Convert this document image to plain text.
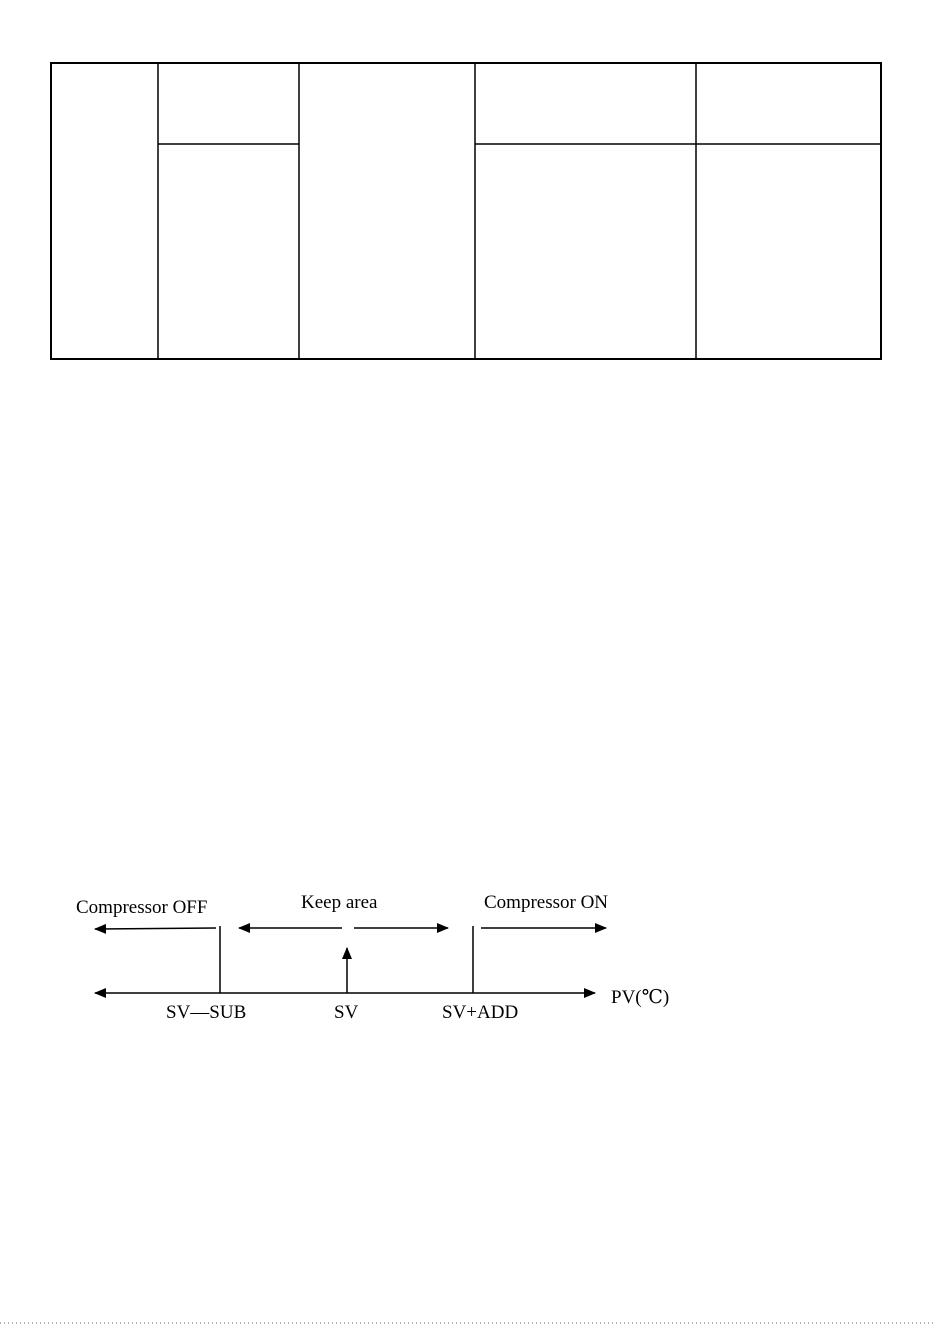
Compressor OFF	Keep area	Compressor ON
PV(℃)
SV—SUB	SV	SV+ADD
